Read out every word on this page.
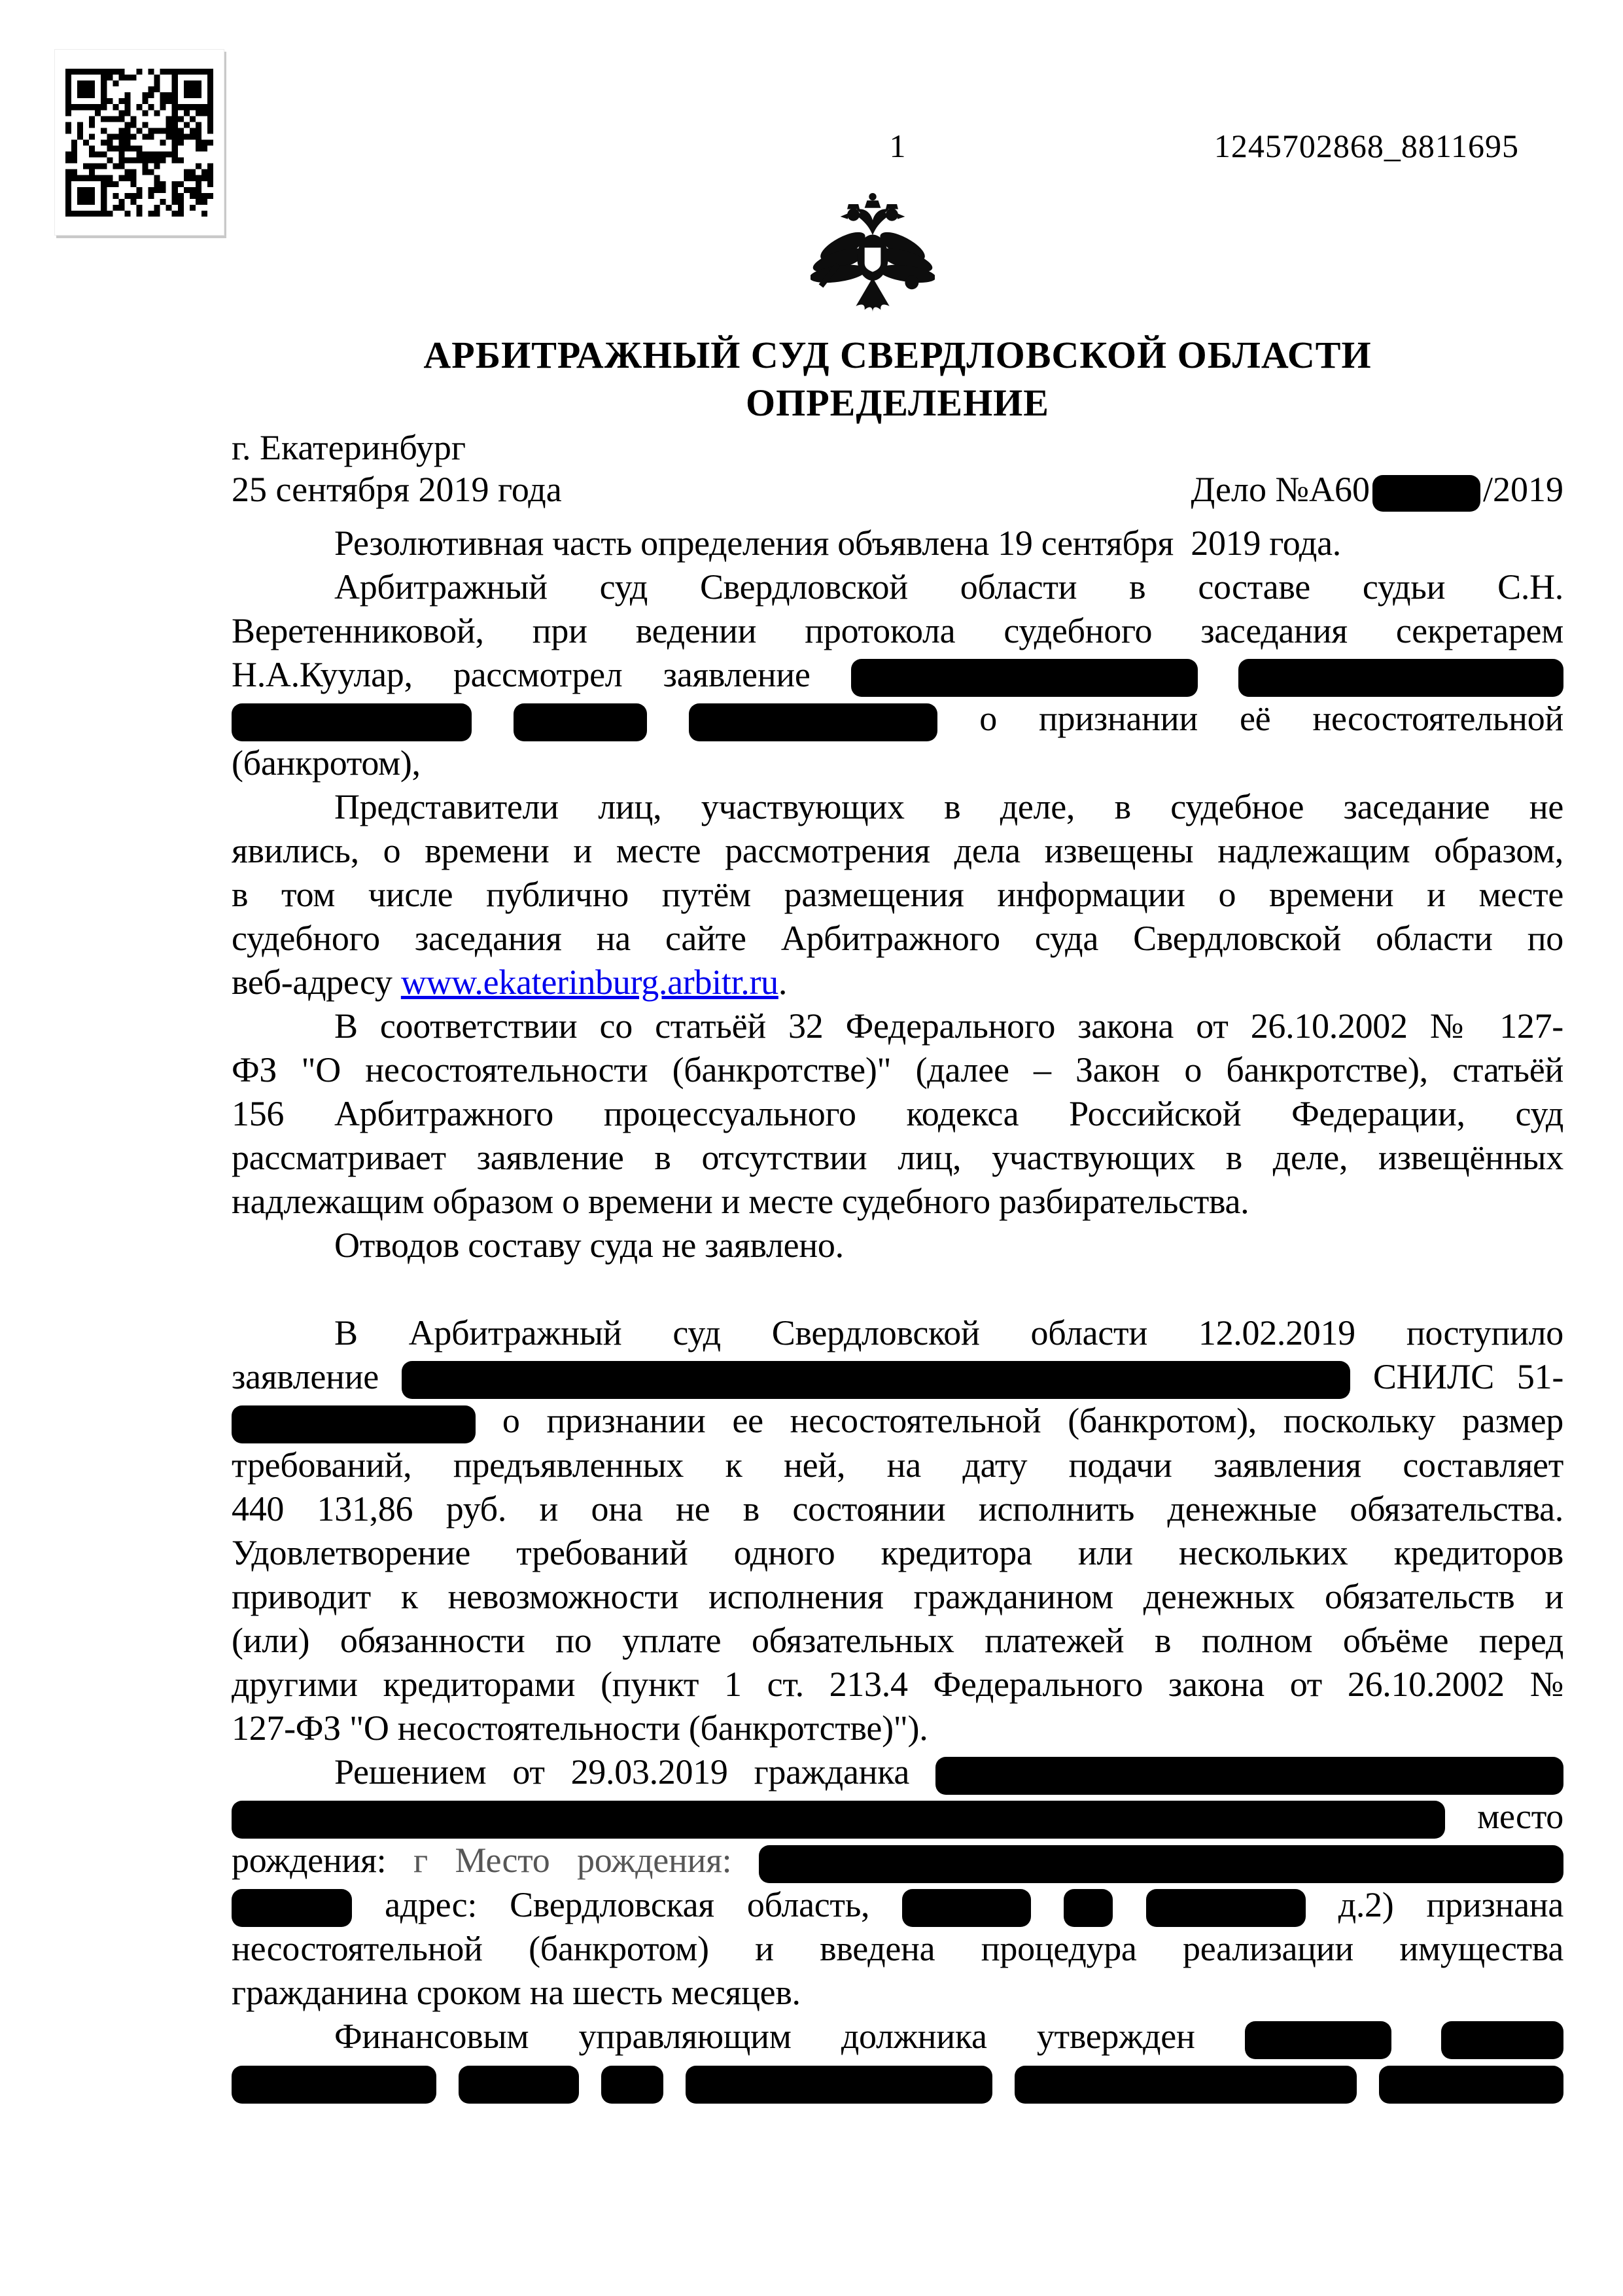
1	1245702868_8811695
АРБИТРАЖНЫЙ СУД СВЕРДЛОВСКОЙ ОБЛАСТИ
ОПРЕДЕЛЕНИЕ
г. Екатеринбург
25 сентября 2019 года	Дело №А60	/2019
Резолютивная часть определения объявлена 19 сентября  2019 года.
Арбитражный суд Свердловской области в составе судьи С.Н.
Веретенниковой, при ведении протокола судебного заседания секретарем
Н.А.Куулар, рассмотрел заявление
о признании её несостоятельной
(банкротом),
Представители лиц, участвующих в деле, в судебное заседание не
явились, о времени и месте рассмотрения дела извещены надлежащим образом,
в том числе публично путём размещения информации о времени и месте
судебного заседания на сайте Арбитражного суда Свердловской области по
веб-адресу www.ekaterinburg.arbitr.ru.
В соответствии со статьёй 32 Федерального закона от 26.10.2002 № 127-
ФЗ "О несостоятельности (банкротстве)" (далее – Закон о банкротстве), статьёй
156 Арбитражного процессуального кодекса Российской Федерации, суд
рассматривает заявление в отсутствии лиц, участвующих в деле, извещённых
надлежащим образом о времени и месте судебного разбирательства.
Отводов составу суда не заявлено.

В Арбитражный суд Свердловской области 12.02.2019 поступило
заявление	СНИЛС 51-
о признании ее несостоятельной (банкротом), поскольку размер
требований, предъявленных к ней, на дату подачи заявления составляет
440 131,86 руб. и она не в состоянии исполнить денежные обязательства.
Удовлетворение требований одного кредитора или нескольких кредиторов
приводит к невозможности исполнения гражданином денежных обязательств и
(или) обязанности по уплате обязательных платежей в полном объёме перед
другими кредиторами (пункт 1 ст. 213.4 Федерального закона от 26.10.2002 №
127-ФЗ "О несостоятельности (банкротстве)").
Решением от 29.03.2019 гражданка
место
рождения: г Место рождения:
адрес: Свердловская область,	д.2) признана
несостоятельной (банкротом) и введена процедура реализации имущества
гражданина сроком на шесть месяцев.
Финансовым управляющим должника утвержден
